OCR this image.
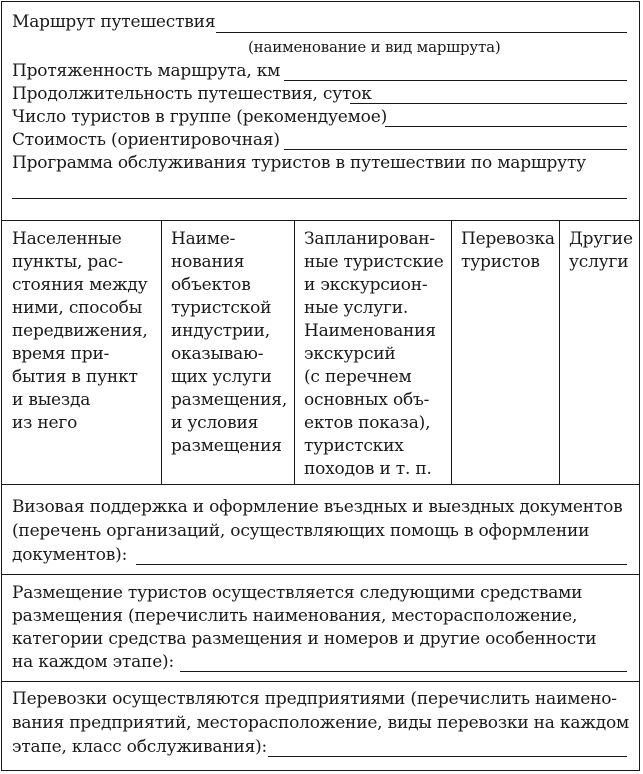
Маршрут путешествия
(наименование и вид маршрута)
Протяженность маршрута, км
Продолжительность путешествия, суток
Число туристов в группе (рекомендуемое)
Стоимость (ориентировочная)
Программа обслуживания туристов в путешествии по маршруту
Населенные
пункты, рас-
стояния между
ними, способы
передвижения,
время при-
бытия в пункт
и выезда
из него
Наиме-
нования
объектов
туристской
индустрии,
оказываю-
щих услуги
размещения,
и условия
размещения
Запланирован-
ные туристские
и экскурсион-
ные услуги.
Наименования
экскурсий
(с перечнем
основных объ-
ектов показа),
туристских
походов и т. п.
Перевозка
туристов
Другие
услуги
Визовая поддержка и оформление въездных и выездных документов
(перечень организаций, осуществляющих помощь в оформлении
документов):
Размещение туристов осуществляется следующими средствами
размещения (перечислить наименования, месторасположение,
категории средства размещения и номеров и другие особенности
на каждом этапе):
Перевозки осуществляются предприятиями (перечислить наимено-
вания предприятий, месторасположение, виды перевозки на каждом
этапе, класс обслуживания):
